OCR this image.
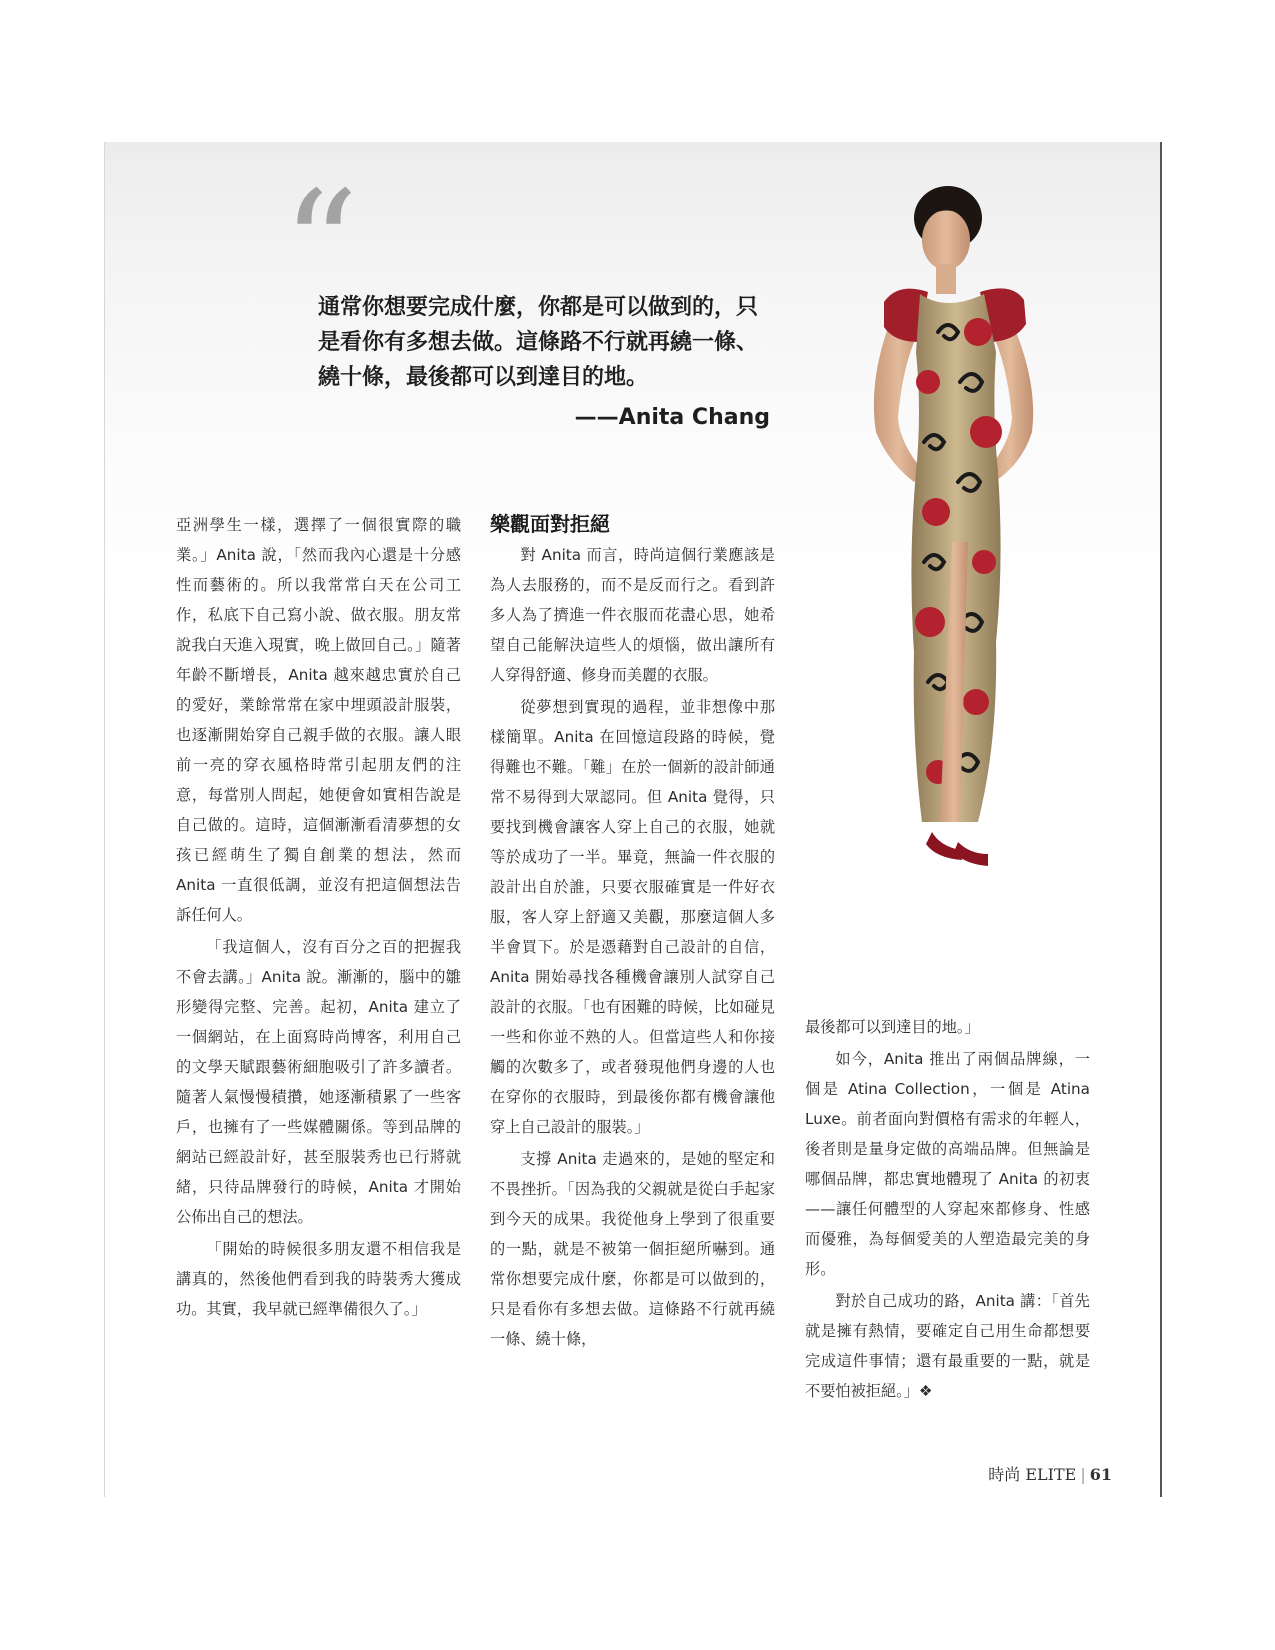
“

通常你想要完成什麼，你都是可以做到的，只是看你有多想去做。這條路不行就再繞一條、繞十條，最後都可以到達目的地。

——Anita Chang

亞洲學生一樣，選擇了一個很實際的職業。」Anita 說，「然而我內心還是十分感性而藝術的。所以我常常白天在公司工作，私底下自己寫小說、做衣服。朋友常說我白天進入現實，晚上做回自己。」隨著年齡不斷增長，Anita 越來越忠實於自己的愛好，業餘常常在家中埋頭設計服裝，也逐漸開始穿自己親手做的衣服。讓人眼前一亮的穿衣風格時常引起朋友們的注意，每當別人問起，她便會如實相告說是自己做的。這時，這個漸漸看清夢想的女孩已經萌生了獨自創業的想法，然而 Anita 一直很低調，並沒有把這個想法告訴任何人。

「我這個人，沒有百分之百的把握我不會去講。」Anita 說。漸漸的，腦中的雛形變得完整、完善。起初，Anita 建立了一個網站，在上面寫時尚博客，利用自己的文學天賦跟藝術細胞吸引了許多讀者。隨著人氣慢慢積攢，她逐漸積累了一些客戶，也擁有了一些媒體關係。等到品牌的網站已經設計好，甚至服裝秀也已行將就緒，只待品牌發行的時候，Anita 才開始公佈出自己的想法。

「開始的時候很多朋友還不相信我是講真的，然後他們看到我的時裝秀大獲成功。其實，我早就已經準備很久了。」

樂觀面對拒絕

對 Anita 而言，時尚這個行業應該是為人去服務的，而不是反而行之。看到許多人為了擠進一件衣服而花盡心思，她希望自己能解決這些人的煩惱，做出讓所有人穿得舒適、修身而美麗的衣服。

從夢想到實現的過程，並非想像中那樣簡單。Anita 在回憶這段路的時候，覺得難也不難。「難」在於一個新的設計師通常不易得到大眾認同。但 Anita 覺得，只要找到機會讓客人穿上自己的衣服，她就等於成功了一半。畢竟，無論一件衣服的設計出自於誰，只要衣服確實是一件好衣服，客人穿上舒適又美觀，那麼這個人多半會買下。於是憑藉對自己設計的自信，Anita 開始尋找各種機會讓別人試穿自己設計的衣服。「也有困難的時候，比如碰見一些和你並不熟的人。但當這些人和你接觸的次數多了，或者發現他們身邊的人也在穿你的衣服時，到最後你都有機會讓他穿上自己設計的服裝。」

支撐 Anita 走過來的，是她的堅定和不畏挫折。「因為我的父親就是從白手起家到今天的成果。我從他身上學到了很重要的一點，就是不被第一個拒絕所嚇到。通常你想要完成什麼，你都是可以做到的，只是看你有多想去做。這條路不行就再繞一條、繞十條，

最後都可以到達目的地。」

如今，Anita 推出了兩個品牌線，一個是 Atina Collection，一個是 Atina Luxe。前者面向對價格有需求的年輕人，後者則是量身定做的高端品牌。但無論是哪個品牌，都忠實地體現了 Anita 的初衷——讓任何體型的人穿起來都修身、性感而優雅，為每個愛美的人塑造最完美的身形。

對於自己成功的路，Anita 講：「首先就是擁有熱情，要確定自己用生命都想要完成這件事情；還有最重要的一點，就是不要怕被拒絕。」❖

時尚 ELITE | 61
